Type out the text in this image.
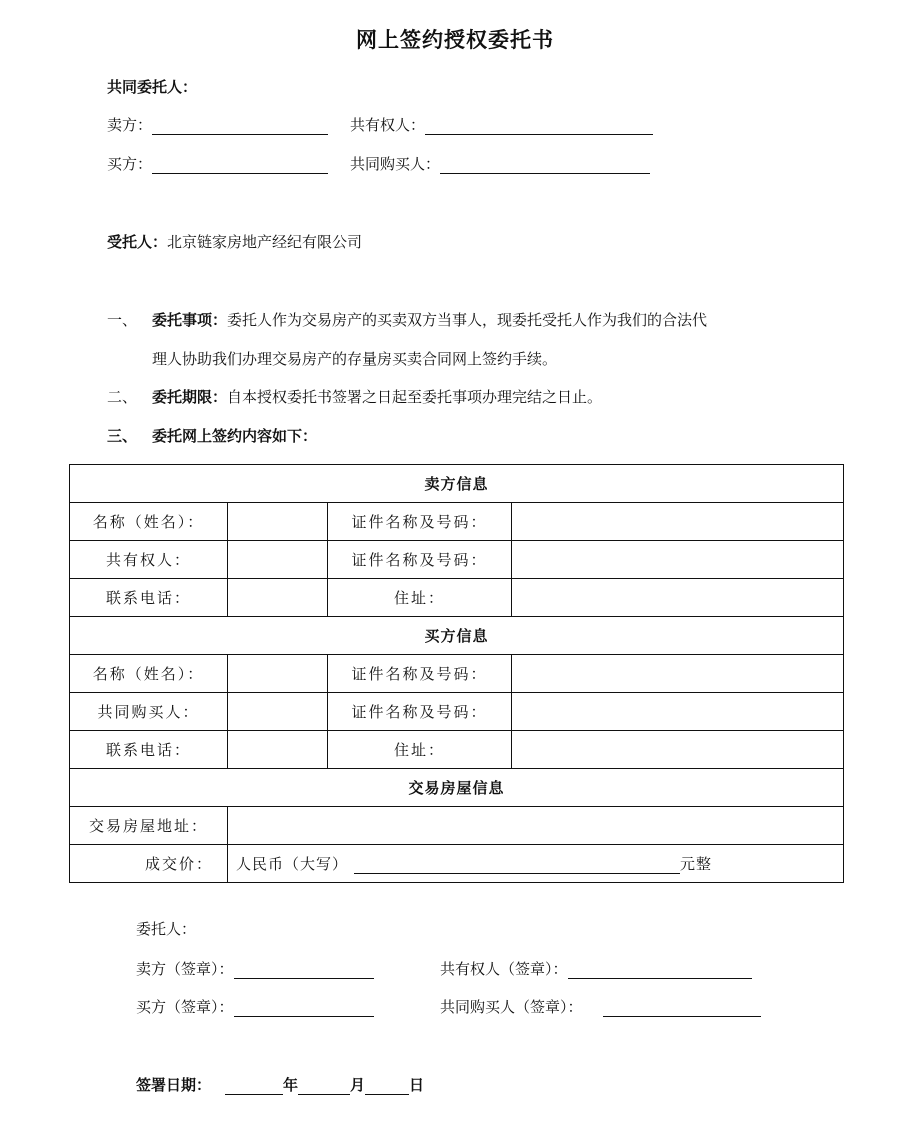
网上签约授权委托书
共同委托人：
卖方：	共有权人：
买方：	共同购买人：
受托人：北京链家房地产经纪有限公司
一、 委托事项：委托人作为交易房产的买卖双方当事人，现委托受托人作为我们的合法代
理人协助我们办理交易房产的存量房买卖合同网上签约手续。
二、 委托期限：自本授权委托书签署之日起至委托事项办理完结之日止。
三、 委托网上签约内容如下：
卖方信息			
名称（姓名）：		证件名称及号码：	
共有权人：		证件名称及号码：	
联系电话：		住址：	
买方信息			
名称（姓名）：		证件名称及号码：	
共同购买人：		证件名称及号码：	
联系电话：		住址：	
交易房屋信息			
交易房屋地址：			
成交价：	人民币（大写） 元整		
委托人：
卖方（签章）：	共有权人（签章）：
买方（签章）：	共同购买人（签章）：
签署日期：	年	月	日
